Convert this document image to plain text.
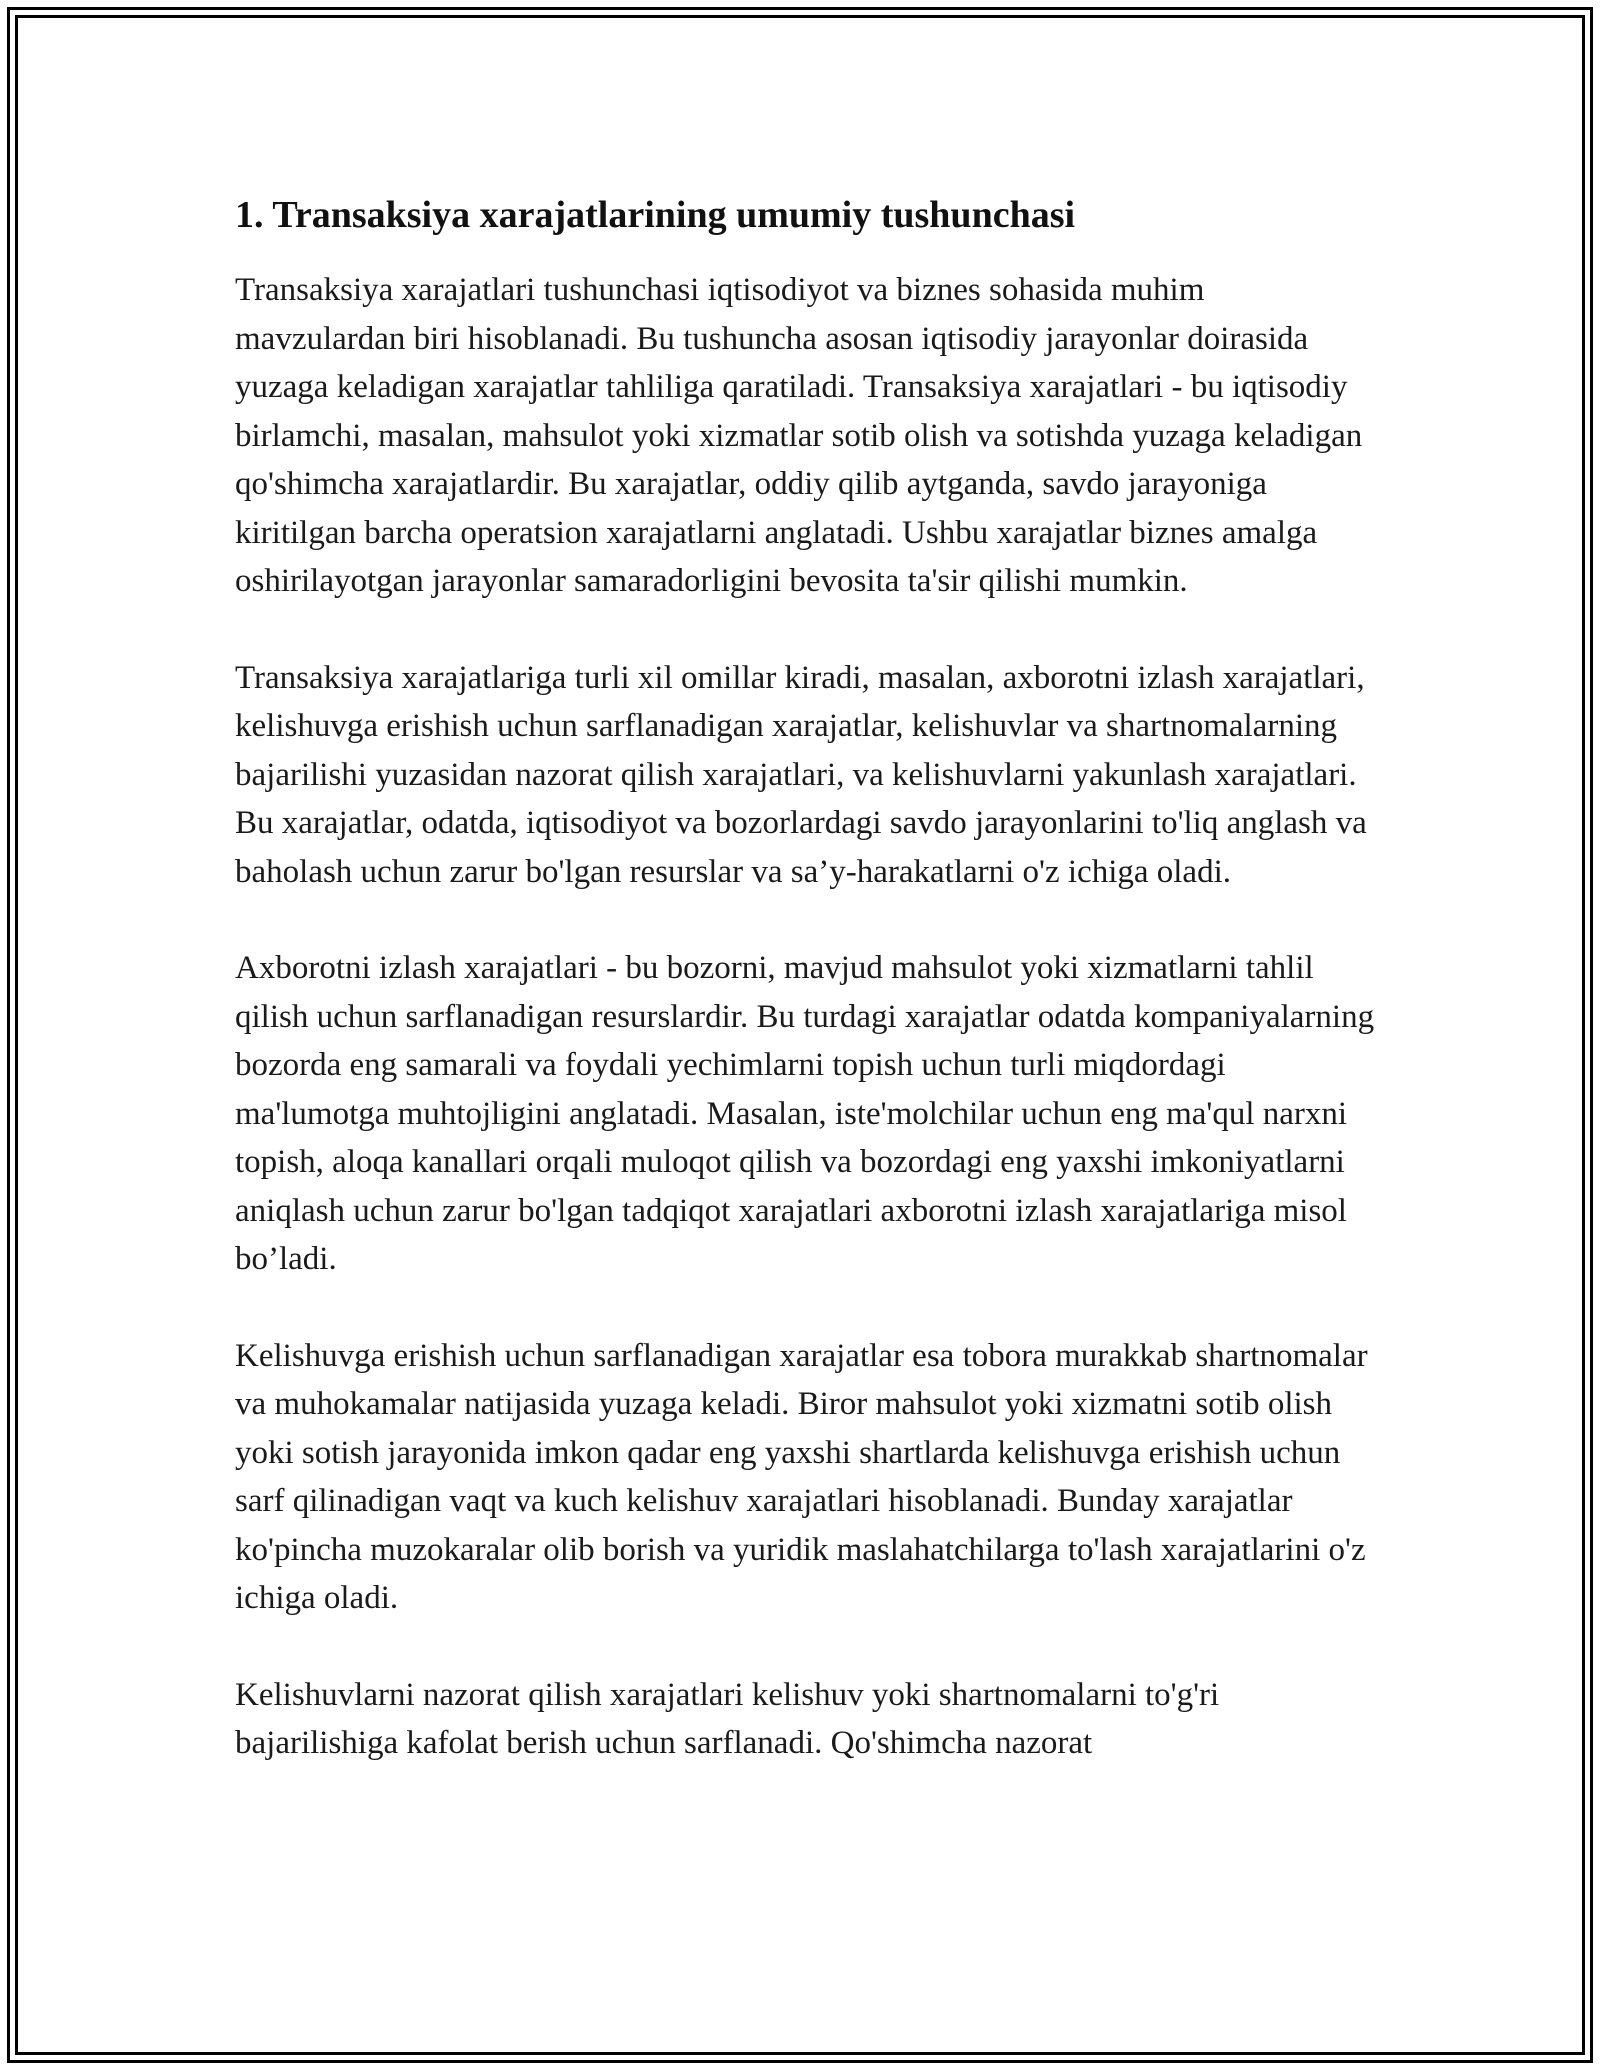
1. Transaksiya xarajatlarining umumiy tushunchasi

Transaksiya xarajatlari tushunchasi iqtisodiyot va biznes sohasida muhim mavzulardan biri hisoblanadi. Bu tushuncha asosan iqtisodiy jarayonlar doirasida yuzaga keladigan xarajatlar tahliliga qaratiladi. Transaksiya xarajatlari - bu iqtisodiy birlamchi, masalan, mahsulot yoki xizmatlar sotib olish va sotishda yuzaga keladigan qo'shimcha xarajatlardir. Bu xarajatlar, oddiy qilib aytganda, savdo jarayoniga kiritilgan barcha operatsion xarajatlarni anglatadi. Ushbu xarajatlar biznes amalga oshirilayotgan jarayonlar samaradorligini bevosita ta'sir qilishi mumkin.

Transaksiya xarajatlariga turli xil omillar kiradi, masalan, axborotni izlash xarajatlari, kelishuvga erishish uchun sarflanadigan xarajatlar, kelishuvlar va shartnomalarning bajarilishi yuzasidan nazorat qilish xarajatlari, va kelishuvlarni yakunlash xarajatlari. Bu xarajatlar, odatda, iqtisodiyot va bozorlardagi savdo jarayonlarini to'liq anglash va baholash uchun zarur bo'lgan resurslar va sa’y-harakatlarni o'z ichiga oladi.

Axborotni izlash xarajatlari - bu bozorni, mavjud mahsulot yoki xizmatlarni tahlil qilish uchun sarflanadigan resurslardir. Bu turdagi xarajatlar odatda kompaniyalarning bozorda eng samarali va foydali yechimlarni topish uchun turli miqdordagi ma'lumotga muhtojligini anglatadi. Masalan, iste'molchilar uchun eng ma'qul narxni topish, aloqa kanallari orqali muloqot qilish va bozordagi eng yaxshi imkoniyatlarni aniqlash uchun zarur bo'lgan tadqiqot xarajatlari axborotni izlash xarajatlariga misol bo’ladi.

Kelishuvga erishish uchun sarflanadigan xarajatlar esa tobora murakkab shartnomalar va muhokamalar natijasida yuzaga keladi. Biror mahsulot yoki xizmatni sotib olish yoki sotish jarayonida imkon qadar eng yaxshi shartlarda kelishuvga erishish uchun sarf qilinadigan vaqt va kuch kelishuv xarajatlari hisoblanadi. Bunday xarajatlar ko'pincha muzokaralar olib borish va yuridik maslahatchilarga to'lash xarajatlarini o'z ichiga oladi.

Kelishuvlarni nazorat qilish xarajatlari kelishuv yoki shartnomalarni to'g'ri bajarilishiga kafolat berish uchun sarflanadi. Qo'shimcha nazorat
